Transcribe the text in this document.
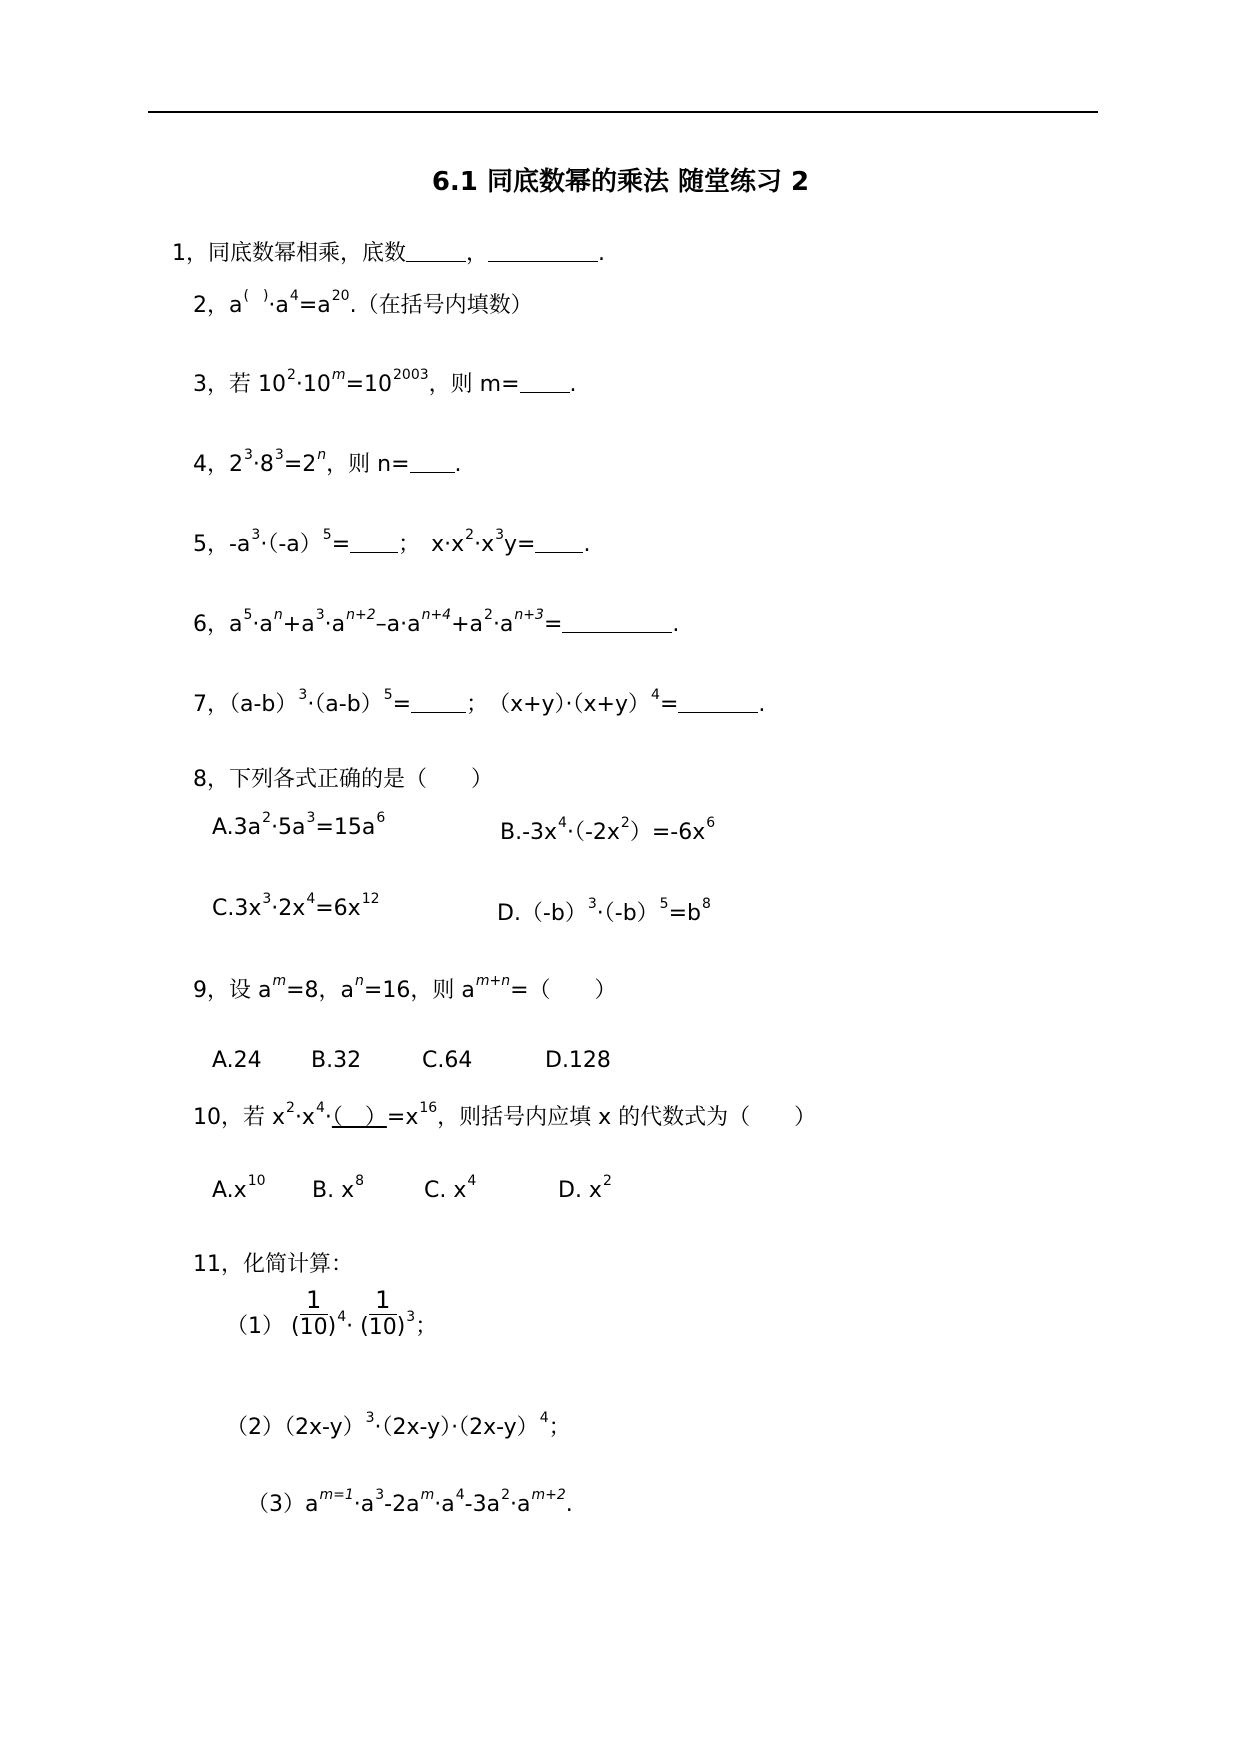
6.1 同底数幂的乘法 随堂练习 2
1，同底数幂相乘，底数	，	.
2，$a^{( )}\cdot a^4=a^{20}$.（在括号内填数）
3，若 $10^2\cdot 10^m=10^{2003}$，则 m= .
4，$2^3\cdot 8^3=2^n$，则 n= .
5，$-a^3\cdot(-a)^5=$ ；　$x\cdot x^2\cdot x^3y=$ .
6，$a^5\cdot a^n+a^3\cdot a^{n+2}-a\cdot a^{n+4}+a^2\cdot a^{n+3}=$	.
7，$(a-b)^3\cdot(a-b)^5=$	；　$(x+y)\cdot(x+y)^4=$	.
8，下列各式正确的是（　　）
$A.3a^2\cdot 5a^3=15a^6$
$B.-3x^4\cdot(-2x^2)=-6x^6$
$C.3x^3\cdot 2x^4=6x^{12}$
$D.(-b)^3\cdot(-b)^5=b^8$
9，设 $a^m=8$，$a^n=16$，则 $a^{m+n}=$（　　）
A.24 B.32	C.64	D.128
10，若 $x^2\cdot x^4\cdot$（　）$=x^{16}$，则括号内应填 x 的代数式为（　　）
$A.x^{10}$ B. $x^8$	C. $x^4$	D. $x^2$
11，化简计算：
（1） ( $\frac{1}{10} )^4\cdot$ ( $\frac{1}{10} )^3$；
$(2)(2x-y)^3\cdot(2x-y)\cdot(2x-y)^4$；
$(3)a^{m=1}\cdot a^3-2a^m\cdot a^4-3a^2\cdot a^{m+2}$.
